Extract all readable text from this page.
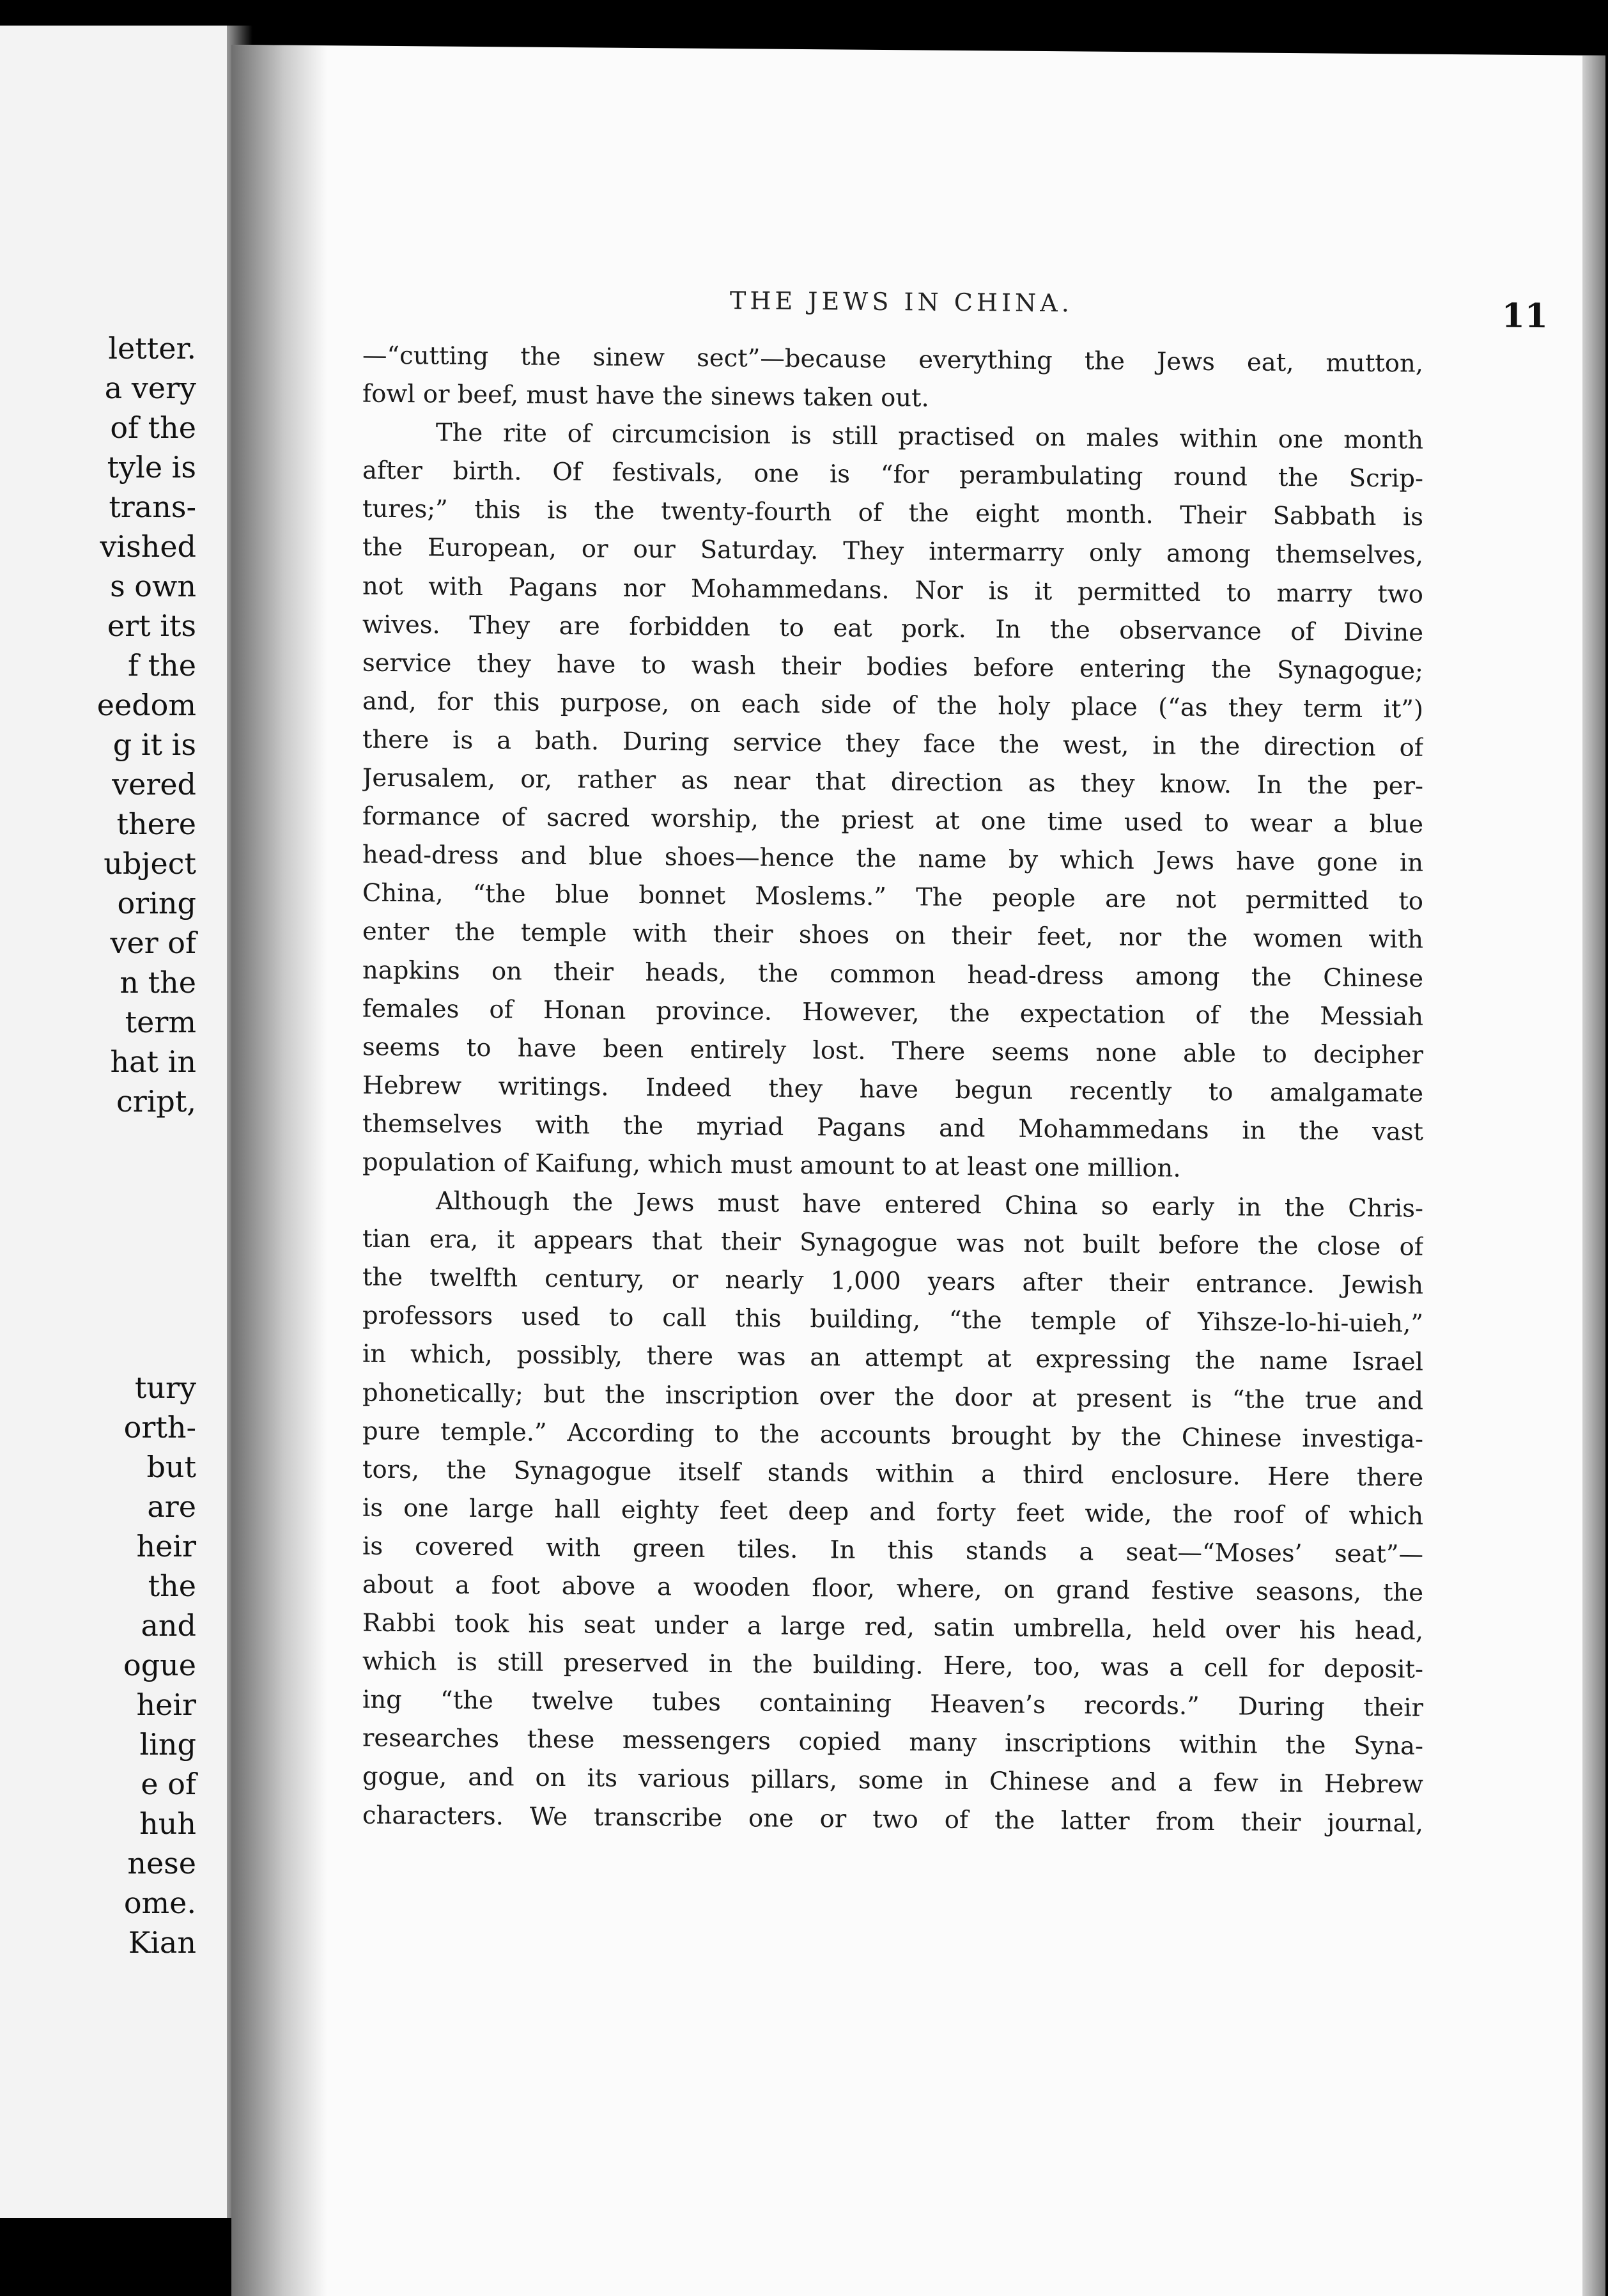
letter.
a very
of the
tyle is
trans-
vished
s own
ert its
f the
eedom
g it is
vered
there
ubject
oring
ver of
n the
term
hat in
cript,
tury
orth-
but
are
heir
the
and
ogue
heir
ling
e of
huh
nese
ome.
Kian
THE JEWS IN CHINA.	11
—“cutting the sinew sect”—because everything the Jews eat, mutton,
fowl or beef, must have the sinews taken out.
The rite of circumcision is still practised on males within one month
after birth. Of festivals, one is “for perambulating round the Scrip-
tures;” this is the twenty-fourth of the eight month. Their Sabbath is
the European, or our Saturday. They intermarry only among themselves,
not with Pagans nor Mohammedans. Nor is it permitted to marry two
wives. They are forbidden to eat pork. In the observance of Divine
service they have to wash their bodies before entering the Synagogue;
and, for this purpose, on each side of the holy place (“as they term it”)
there is a bath. During service they face the west, in the direction of
Jerusalem, or, rather as near that direction as they know. In the per-
formance of sacred worship, the priest at one time used to wear a blue
head-dress and blue shoes—hence the name by which Jews have gone in
China, “the blue bonnet Moslems.” The people are not permitted to
enter the temple with their shoes on their feet, nor the women with
napkins on their heads, the common head-dress among the Chinese
females of Honan province. However, the expectation of the Messiah
seems to have been entirely lost. There seems none able to decipher
Hebrew writings. Indeed they have begun recently to amalgamate
themselves with the myriad Pagans and Mohammedans in the vast
population of Kaifung, which must amount to at least one million.
Although the Jews must have entered China so early in the Chris-
tian era, it appears that their Synagogue was not built before the close of
the twelfth century, or nearly 1,000 years after their entrance. Jewish
professors used to call this building, “the temple of Yihsze-lo-hi-uieh,”
in which, possibly, there was an attempt at expressing the name Israel
phonetically; but the inscription over the door at present is “the true and
pure temple.” According to the accounts brought by the Chinese investiga-
tors, the Synagogue itself stands within a third enclosure. Here there
is one large hall eighty feet deep and forty feet wide, the roof of which
is covered with green tiles. In this stands a seat—“Moses’ seat”—
about a foot above a wooden floor, where, on grand festive seasons, the
Rabbi took his seat under a large red, satin umbrella, held over his head,
which is still preserved in the building. Here, too, was a cell for deposit-
ing “the twelve tubes containing Heaven’s records.” During their
researches these messengers copied many inscriptions within the Syna-
gogue, and on its various pillars, some in Chinese and a few in Hebrew
characters. We transcribe one or two of the latter from their journal,
